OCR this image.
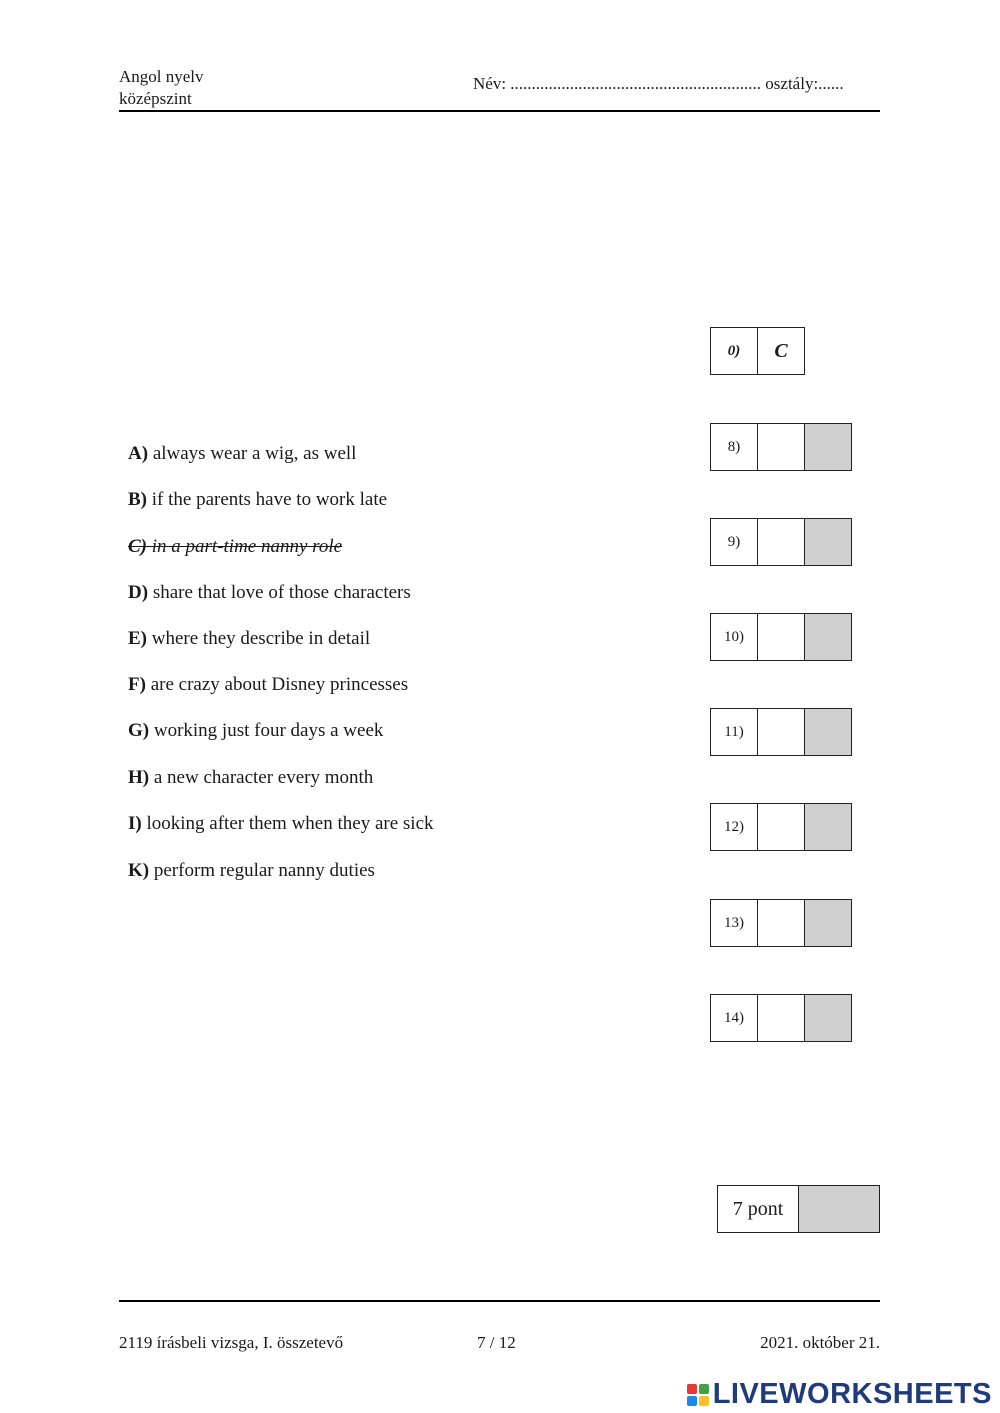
Angol nyelv
középszint
Név: ........................................................... osztály:......
A) always wear a wig, as well
B) if the parents have to work late
C) in a part-time nanny role
D) share that love of those characters
E) where they describe in detail
F) are crazy about Disney princesses
G) working just four days a week
H) a new character every month
I) looking after them when they are sick
K) perform regular nanny duties
0)	C
8)
9)
10)
11)
12)
13)
14)
7 pont
2119 írásbeli vizsga, I. összetevő	7 / 12	2021. október 21.
LIVEWORKSHEETS
